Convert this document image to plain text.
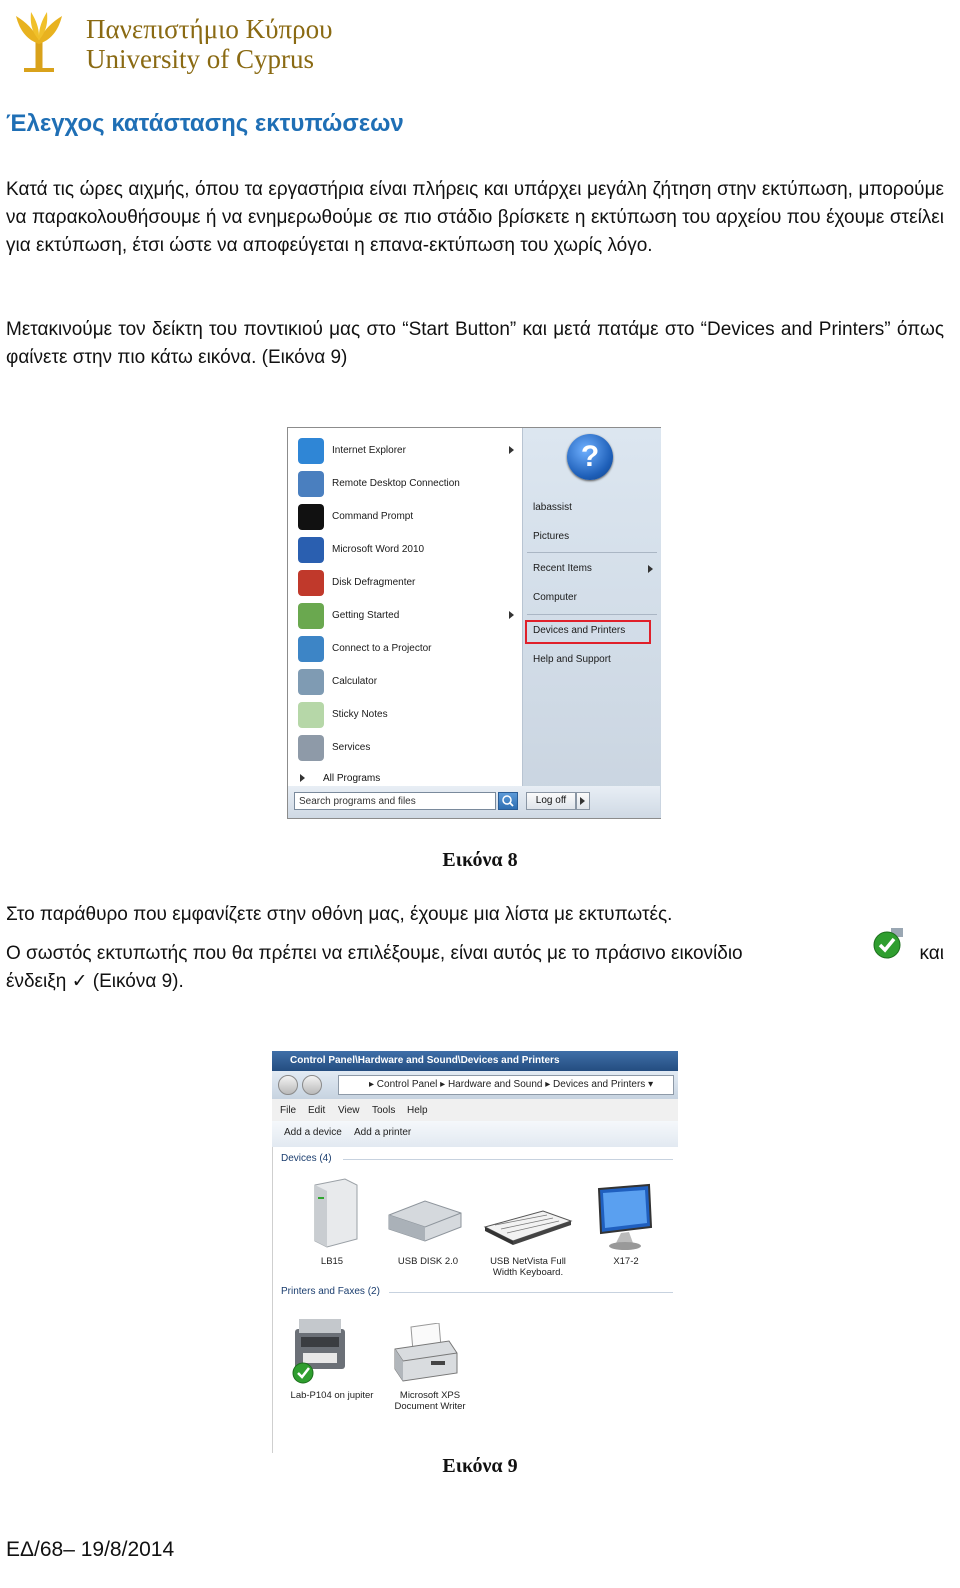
Πανεπιστήμιο Κύπρου
University of Cyprus
Έλεγχος κατάστασης εκτυπώσεων
Κατά τις ώρες αιχμής, όπου τα εργαστήρια είναι πλήρεις και υπάρχει μεγάλη ζήτηση στην εκτύπωση, μπορούμε να παρακολουθήσουμε ή να ενημερωθούμε σε πιο στάδιο βρίσκετε η εκτύπωση του αρχείου που έχουμε στείλει για εκτύπωση, έτσι ώστε να αποφεύγεται η επανα-εκτύπωση του χωρίς λόγο.
Μετακινούμε τον δείκτη του ποντικιού μας στο “Start Button” και μετά πατάμε στο “Devices and Printers” όπως φαίνετε στην πιο κάτω εικόνα. (Εικόνα 9)
Internet Explorer
Remote Desktop Connection
Command Prompt
Microsoft Word 2010
Disk Defragmenter
Getting Started
Connect to a Projector
Calculator
Sticky Notes
Services
All Programs
?
labassist
Pictures
Recent Items
Computer
Devices and Printers
Help and Support
Search programs and files	Log off
Εικόνα 8
Στο παράθυρο που εμφανίζετε στην οθόνη μας, έχουμε μια λίστα με εκτυπωτές.
Ο σωστός εκτυπωτής που θα πρέπει να επιλέξουμε, είναι αυτός με το πράσινο εικονίδιο	και
ένδειξη ✓ (Εικόνα 9).
Control Panel\Hardware and Sound\Devices and Printers
▸ Control Panel ▸ Hardware and Sound ▸ Devices and Printers ▾
File Edit View Tools Help
Add a device Add a printer
Devices (4)
LB15	USB DISK 2.0	USB NetVista Full Width Keyboard.
X17-2
Printers and Faxes (2)
Lab-P104 on jupiter	Microsoft XPS Document Writer
Εικόνα 9
ΕΔ/68– 19/8/2014
